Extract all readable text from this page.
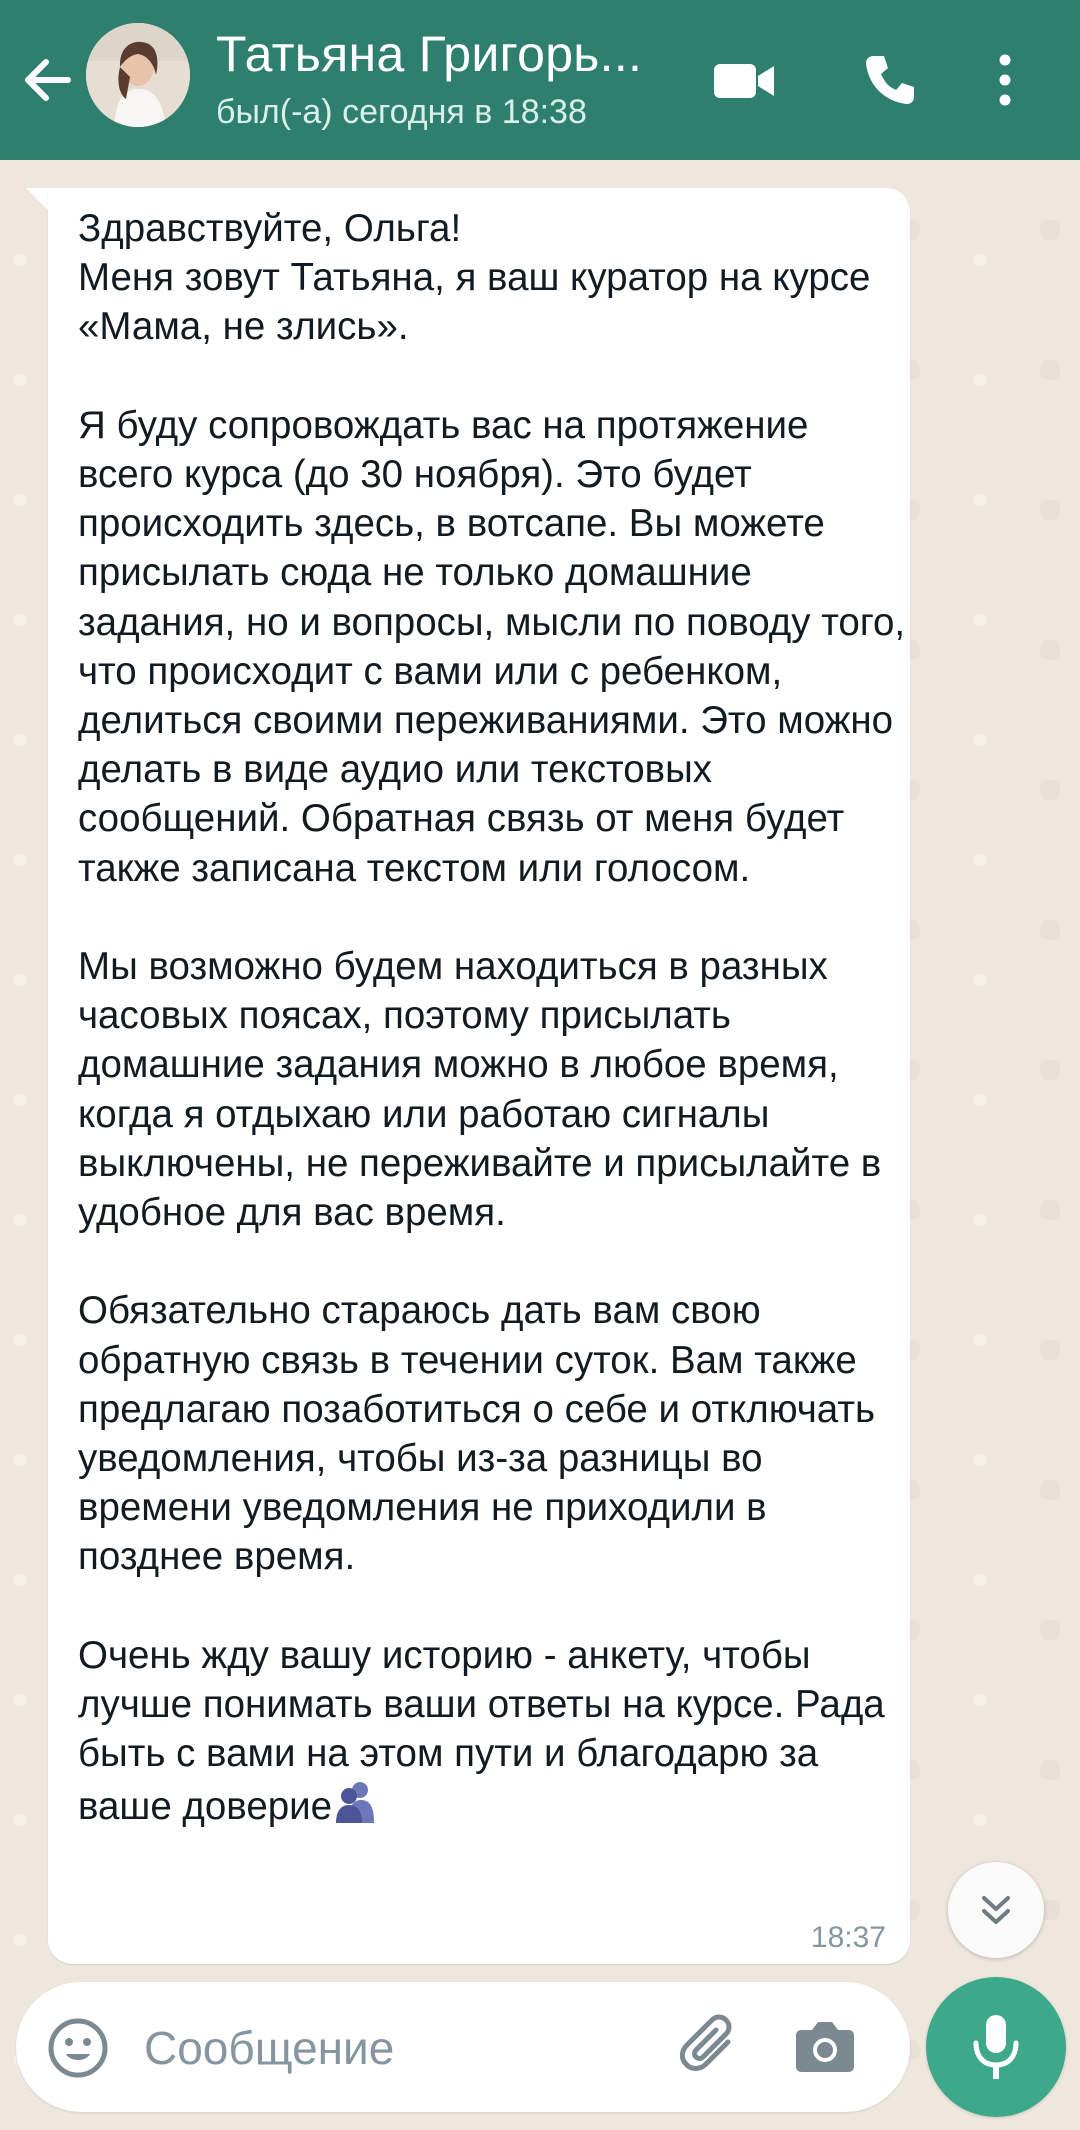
Татьяна Григорь...
был(-а) сегодня в 18:38
Здравствуйте, Ольга!
Меня зовут Татьяна, я ваш куратор на курсе «Мама, не злись».

Я буду сопровождать вас на протяжение всего курса (до 30 ноября). Это будет происходить здесь, в вотсапе. Вы можете присылать сюда не только домашние задания, но и вопросы, мысли по поводу того, что происходит с вами или с ребенком, делиться своими переживаниями. Это можно делать в виде аудио или текстовых сообщений. Обратная связь от меня будет также записана текстом или голосом.

Мы возможно будем находиться в разных часовых поясах, поэтому присылать домашние задания можно в любое время, когда я отдыхаю или работаю сигналы  выключены, не переживайте и присылайте в удобное для вас время.

Обязательно стараюсь дать вам свою обратную связь в течении суток. Вам также предлагаю позаботиться о себе и отключать уведомления, чтобы из-за разницы во времени уведомления не приходили в позднее время.

Очень жду вашу историю - анкету, чтобы лучше понимать ваши ответы на курсе. Рада быть с вами на этом пути и благодарю за ваше доверие
18:37
Сообщение
